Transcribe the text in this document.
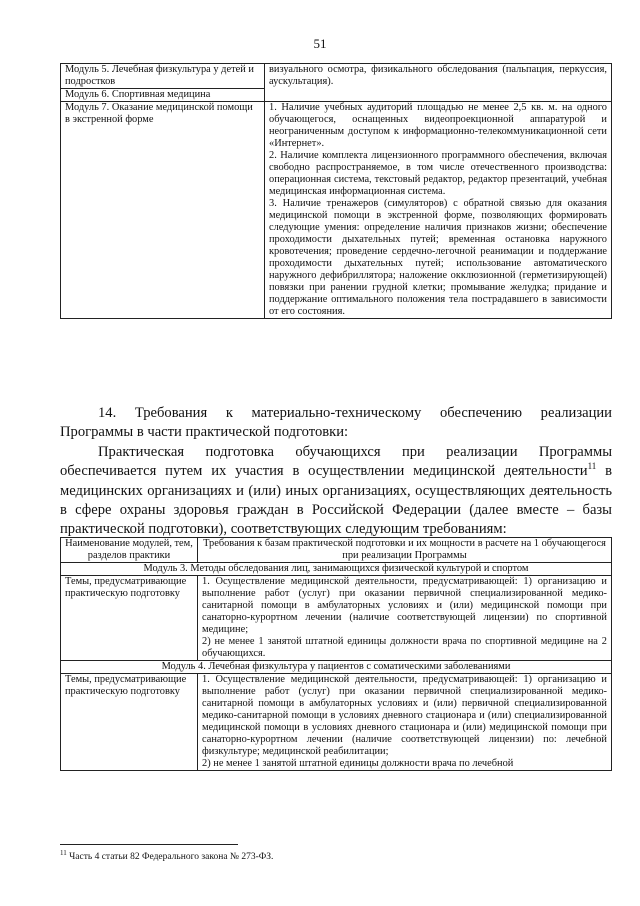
51
Модуль 5. Лечебная физкультура у детей и подростков	визуального осмотра, физикального обследования (пальпация, перкуссия, аускультация).
Модуль 6. Спортивная медицина	
Модуль 7. Оказание медицинской помощи в экстренной форме	1. Наличие учебных аудиторий площадью не менее 2,5 кв. м. на одного обучающегося, оснащенных видеопроекционной аппаратурой и неограниченным доступом к информационно-телекоммуникационной сети «Интернет».
2. Наличие комплекта лицензионного программного обеспечения, включая свободно распространяемое, в том числе отечественного производства: операционная система, текстовый редактор, редактор презентаций, учебная медицинская информационная система.
3. Наличие тренажеров (симуляторов) с обратной связью для оказания медицинской помощи в экстренной форме, позволяющих формировать следующие умения: определение наличия признаков жизни; обеспечение проходимости дыхательных путей; временная остановка наружного кровотечения; проведение сердечно-легочной реанимации и поддержание проходимости дыхательных путей; использование автоматического наружного дефибриллятора; наложение окклюзионной (герметизирующей) повязки при ранении грудной клетки; промывание желудка; придание и поддержание оптимального положения тела пострадавшего в зависимости от его состояния.
14. Требования к материально-техническому обеспечению реализации Программы в части практической подготовки:
Практическая подготовка обучающихся при реализации Программы обеспечивается путем их участия в осуществлении медицинской деятельности$^{11}$ в медицинских организациях и (или) иных организациях, осуществляющих деятельность в сфере охраны здоровья граждан в Российской Федерации (далее вместе – базы практической подготовки), соответствующих следующим требованиям:
Наименование модулей, тем, разделов практики	Требования к базам практической подготовки и их мощности в расчете на 1 обучающегося при реализации Программы
Модуль 3. Методы обследования лиц, занимающихся физической культурой и спортом	
Темы, предусматривающие практическую подготовку	1. Осуществление медицинской деятельности, предусматривающей: 1) организацию и выполнение работ (услуг) при оказании первичной специализированной медико-санитарной помощи в амбулаторных условиях и (или) медицинской помощи при санаторно-курортном лечении (наличие соответствующей лицензии) по спортивной медицине;
2) не менее 1 занятой штатной единицы должности врача по спортивной медицине на 2 обучающихся.

Модуль 4. Лечебная физкультура у пациентов с соматическими заболеваниями	
Темы, предусматривающие практическую подготовку	1. Осуществление медицинской деятельности, предусматривающей: 1) организацию и выполнение работ (услуг) при оказании первичной специализированной медико-санитарной помощи в амбулаторных условиях и (или) первичной специализированной медико-санитарной помощи в условиях дневного стационара и (или) специализированной медицинской помощи в условиях дневного стационара и (или) медицинской помощи при санаторно-курортном лечении (наличие соответствующей лицензии) по: лечебной физкультуре; медицинской реабилитации;
2) не менее 1 занятой штатной единицы должности врача по лечебной
$^{11}$ Часть 4 статьи 82 Федерального закона № 273-ФЗ.
